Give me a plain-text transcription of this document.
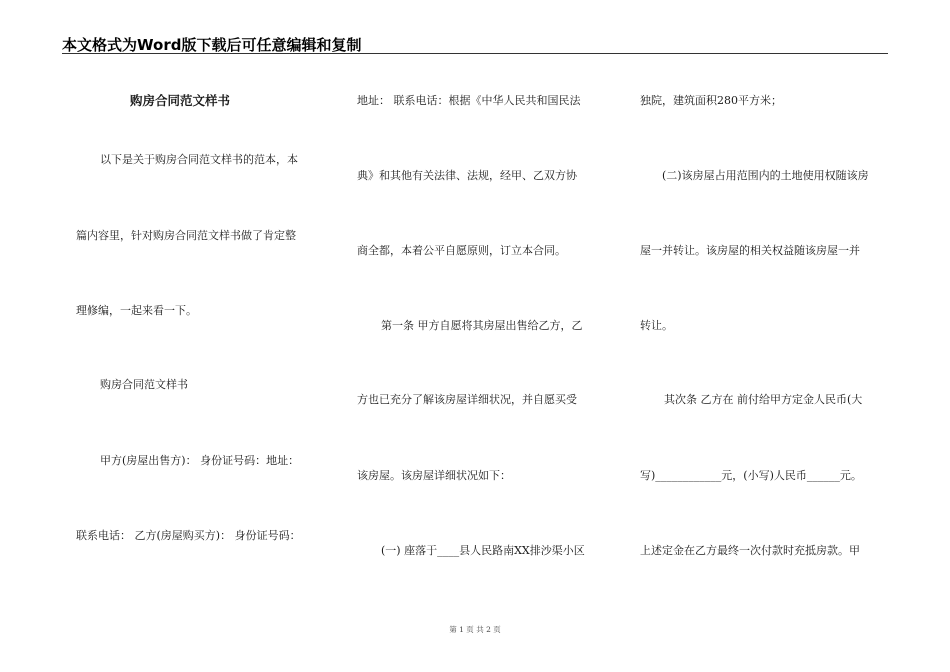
本文格式为Word版下载后可任意编辑和复制
购房合同范文样书
以下是关于购房合同范文样书的范本，本
篇内容里，针对购房合同范文样书做了肯定整
理修编，一起来看一下。
购房合同范文样书
甲方(房屋出售方)： 身份证号码：地址：
联系电话： 乙方(房屋购买方)： 身份证号码：
地址： 联系电话：根据《中华人民共和国民法
典》和其他有关法律、法规，经甲、乙双方协
商全都，本着公平自愿原则，订立本合同。
第一条 甲方自愿将其房屋出售给乙方，乙
方也已充分了解该房屋详细状况，并自愿买受
该房屋。该房屋详细状况如下：
(一) 座落于____县人民路南XX排沙渠小区
独院，建筑面积280平方米；
(二)该房屋占用范围内的土地使用权随该房
屋一并转让。该房屋的相关权益随该房屋一并
转让。
其次条 乙方在 前付给甲方定金人民币(大
写)____________元，(小写)人民币______元。
上述定金在乙方最终一次付款时充抵房款。甲
第 1 页 共 2 页
